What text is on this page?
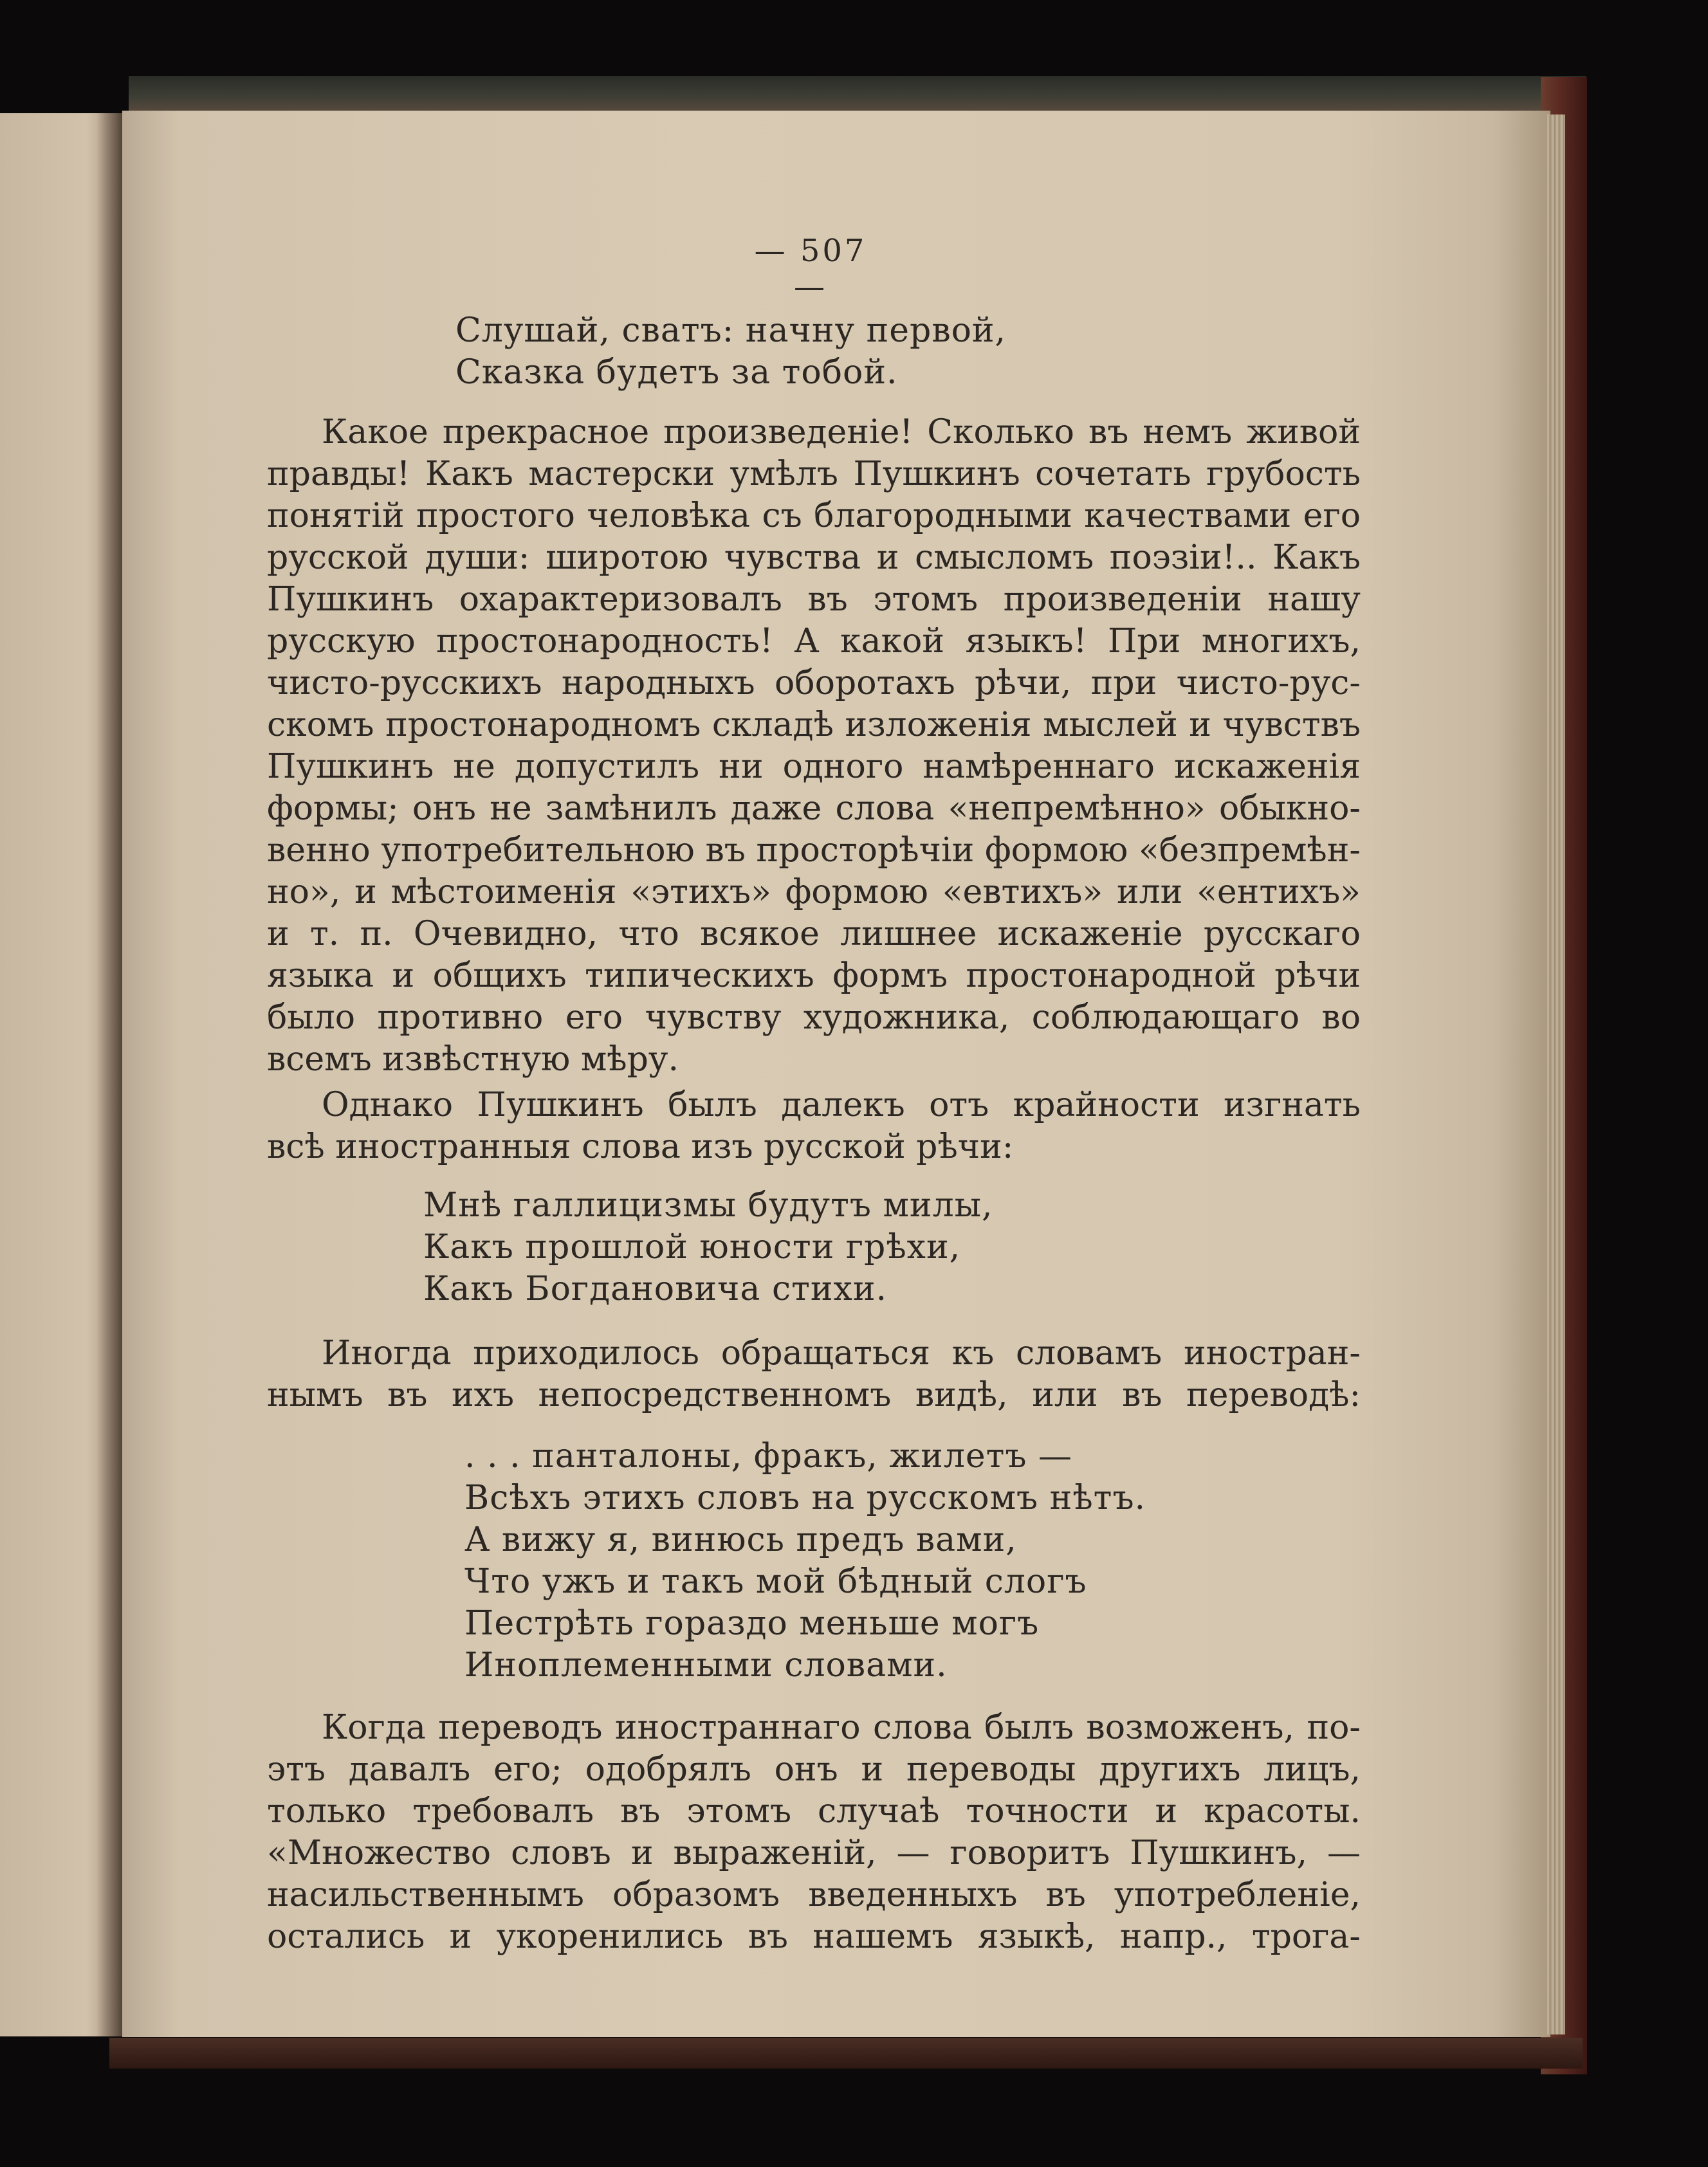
— 507 —
Слушай, сватъ: начну первой,
Сказка будетъ за тобой.
Какое прекрасное произведеніе! Сколько въ немъ живой
правды! Какъ мастерски умѣлъ Пушкинъ сочетать грубость
понятій простого человѣка съ благородными качествами его
русской души: широтою чувства и смысломъ поэзіи!.. Какъ
Пушкинъ охарактеризовалъ въ этомъ произведеніи нашу
русскую простонародность! А какой языкъ! При многихъ,
чисто-русскихъ народныхъ оборотахъ рѣчи, при чисто-рус-
скомъ простонародномъ складѣ изложенія мыслей и чувствъ
Пушкинъ не допустилъ ни одного намѣреннаго искаженія
формы; онъ не замѣнилъ даже слова «непремѣнно» обыкно-
венно употребительною въ просторѣчіи формою «безпремѣн-
но», и мѣстоименія «этихъ» формою «евтихъ» или «ентихъ»
и т. п. Очевидно, что всякое лишнее искаженіе русскаго
языка и общихъ типическихъ формъ простонародной рѣчи
было противно его чувству художника, соблюдающаго во
всемъ извѣстную мѣру.
Однако Пушкинъ былъ далекъ отъ крайности изгнать
всѣ иностранныя слова изъ русской рѣчи:
Мнѣ галлицизмы будутъ милы,
Какъ прошлой юности грѣхи,
Какъ Богдановича стихи.
Иногда приходилось обращаться къ словамъ иностран-
нымъ въ ихъ непосредственномъ видѣ, или въ переводѣ:
. . . панталоны, фракъ, жилетъ —
Всѣхъ этихъ словъ на русскомъ нѣтъ.
А вижу я, винюсь предъ вами,
Что ужъ и такъ мой бѣдный слогъ
Пестрѣть гораздо меньше могъ
Иноплеменными словами.
Когда переводъ иностраннаго слова былъ возможенъ, по-
этъ давалъ его; одобрялъ онъ и переводы другихъ лицъ,
только требовалъ въ этомъ случаѣ точности и красоты.
«Множество словъ и выраженій, — говоритъ Пушкинъ, —
насильственнымъ образомъ введенныхъ въ употребленіе,
остались и укоренились въ нашемъ языкѣ, напр., трога-
